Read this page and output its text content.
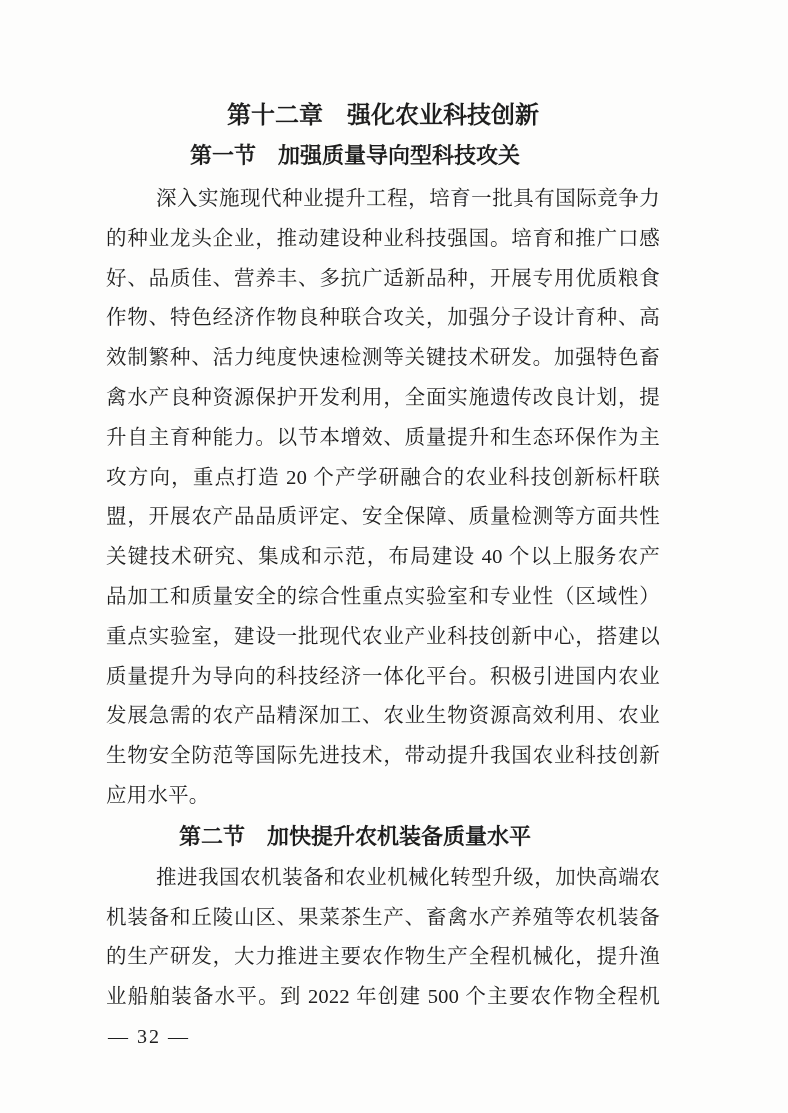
第十二章　强化农业科技创新
第一节　加强质量导向型科技攻关
深入实施现代种业提升工程，培育一批具有国际竞争力
的种业龙头企业，推动建设种业科技强国。培育和推广口感
好、品质佳、营养丰、多抗广适新品种，开展专用优质粮食
作物、特色经济作物良种联合攻关，加强分子设计育种、高
效制繁种、活力纯度快速检测等关键技术研发。加强特色畜
禽水产良种资源保护开发利用，全面实施遗传改良计划，提
升自主育种能力。以节本增效、质量提升和生态环保作为主
攻方向，重点打造 20 个产学研融合的农业科技创新标杆联
盟，开展农产品品质评定、安全保障、质量检测等方面共性
关键技术研究、集成和示范，布局建设 40 个以上服务农产
品加工和质量安全的综合性重点实验室和专业性（区域性）
重点实验室，建设一批现代农业产业科技创新中心，搭建以
质量提升为导向的科技经济一体化平台。积极引进国内农业
发展急需的农产品精深加工、农业生物资源高效利用、农业
生物安全防范等国际先进技术，带动提升我国农业科技创新
应用水平。
第二节　加快提升农机装备质量水平
推进我国农机装备和农业机械化转型升级，加快高端农
机装备和丘陵山区、果菜茶生产、畜禽水产养殖等农机装备
的生产研发，大力推进主要农作物生产全程机械化，提升渔
业船舶装备水平。到 2022 年创建 500 个主要农作物全程机
— 32 —
